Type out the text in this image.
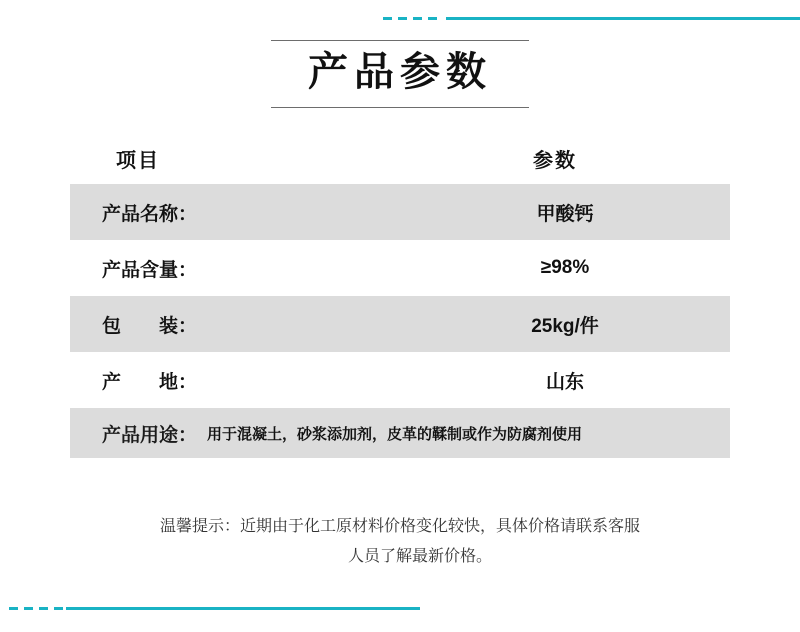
产品参数
项目	参数
产品名称：	甲酸钙
产品含量：	≥98%
包　　装：	25kg/件
产　　地：	山东
产品用途： 用于混凝土，砂浆添加剂，皮革的鞣制或作为防腐剂使用
温馨提示：近期由于化工原材料价格变化较快，具体价格请联系客服
人员了解最新价格。
